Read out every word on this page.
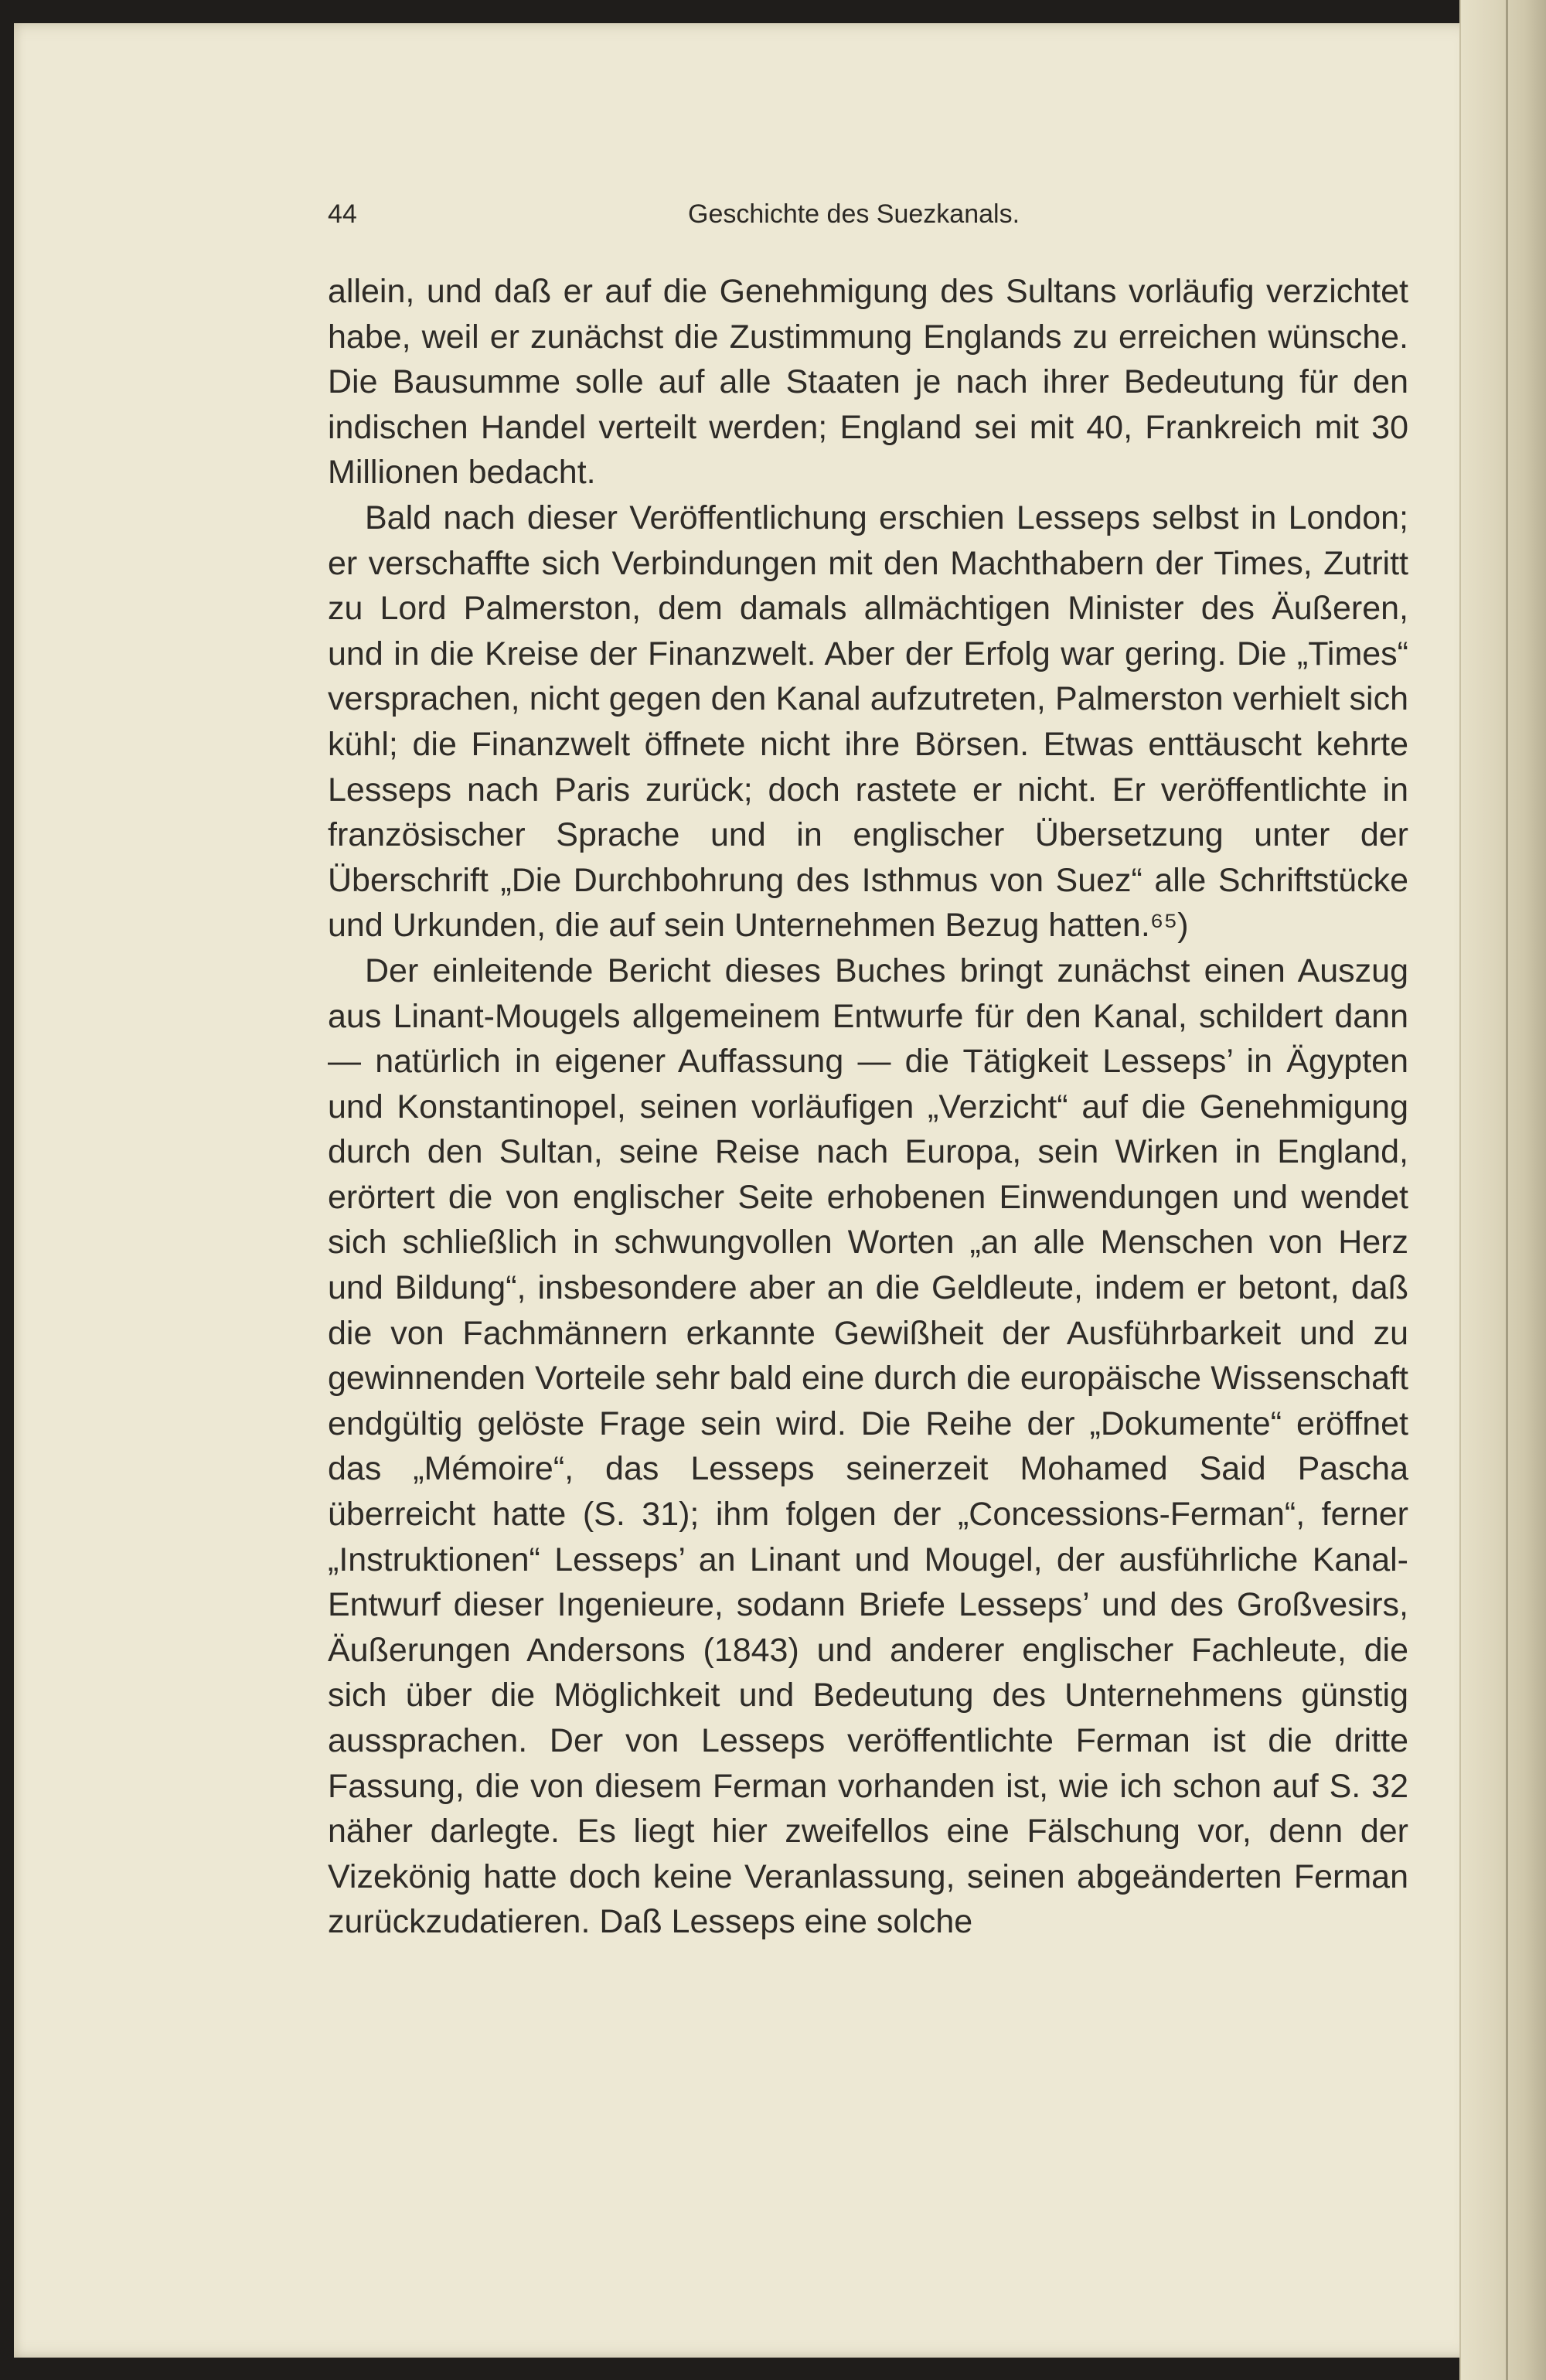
44	Geschichte des Suezkanals.

allein, und daß er auf die Genehmigung des Sultans vorläufig verzichtet habe, weil er zunächst die Zustimmung Englands zu erreichen wünsche. Die Bausumme solle auf alle Staaten je nach ihrer Bedeutung für den indischen Handel verteilt werden; England sei mit 40, Frankreich mit 30 Millionen bedacht.

Bald nach dieser Veröffentlichung erschien Lesseps selbst in London; er verschaffte sich Verbindungen mit den Machthabern der Times, Zutritt zu Lord Palmerston, dem damals allmächtigen Minister des Äußeren, und in die Kreise der Finanzwelt. Aber der Erfolg war gering. Die „Times“ versprachen, nicht gegen den Kanal aufzutreten, Palmerston verhielt sich kühl; die Finanzwelt öffnete nicht ihre Börsen. Etwas enttäuscht kehrte Lesseps nach Paris zurück; doch rastete er nicht. Er veröffentlichte in französischer Sprache und in englischer Übersetzung unter der Überschrift „Die Durchbohrung des Isthmus von Suez“ alle Schriftstücke und Urkunden, die auf sein Unternehmen Bezug hatten.⁶⁵)

Der einleitende Bericht dieses Buches bringt zunächst einen Auszug aus Linant-Mougels allgemeinem Entwurfe für den Kanal, schildert dann — natürlich in eigener Auffassung — die Tätigkeit Lesseps’ in Ägypten und Konstantinopel, seinen vorläufigen „Verzicht“ auf die Genehmigung durch den Sultan, seine Reise nach Europa, sein Wirken in England, erörtert die von englischer Seite erhobenen Einwendungen und wendet sich schließlich in schwungvollen Worten „an alle Menschen von Herz und Bildung“, insbesondere aber an die Geldleute, indem er betont, daß die von Fachmännern erkannte Gewißheit der Ausführbarkeit und zu gewinnenden Vorteile sehr bald eine durch die europäische Wissenschaft endgültig gelöste Frage sein wird. Die Reihe der „Dokumente“ eröffnet das „Mémoire“, das Lesseps seinerzeit Mohamed Said Pascha überreicht hatte (S. 31); ihm folgen der „Concessions-Ferman“, ferner „Instruktionen“ Lesseps’ an Linant und Mougel, der ausführliche Kanal-Entwurf dieser Ingenieure, sodann Briefe Lesseps’ und des Großvesirs, Äußerungen Andersons (1843) und anderer englischer Fachleute, die sich über die Möglichkeit und Bedeutung des Unternehmens günstig aussprachen. Der von Lesseps veröffentlichte Ferman ist die dritte Fassung, die von diesem Ferman vorhanden ist, wie ich schon auf S. 32 näher darlegte. Es liegt hier zweifellos eine Fälschung vor, denn der Vizekönig hatte doch keine Veranlassung, seinen abgeänderten Ferman zurückzudatieren. Daß Lesseps eine solche
